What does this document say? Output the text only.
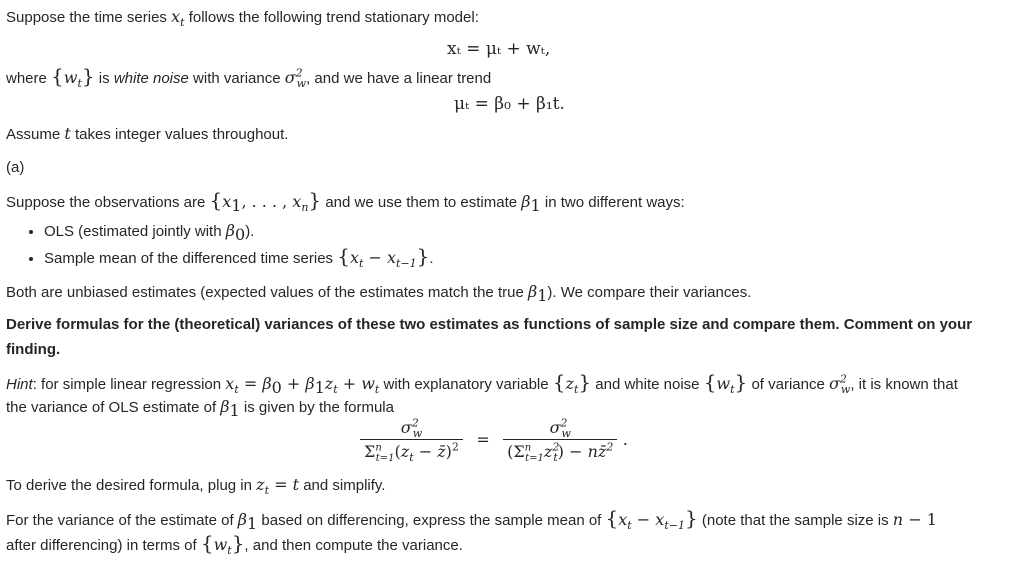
Suppose the time series $x_t$ follows the following trend stationary model:
xₜ = μₜ + wₜ,
where $\{w_t\}$ is white noise with variance $\sigma^2_w$, and we have a linear trend
μₜ = β₀ + β₁t.
Assume t takes integer values throughout.
(a)
Suppose the observations are {$x_1$, . . . , $x_n$} and we use them to estimate $\beta_1$ in two different ways:
• OLS (estimated jointly with $\beta_0$).
• Sample mean of the differenced time series $\{x_t - x_{t-1}\}$.
Both are unbiased estimates (expected values of the estimates match the true $\beta_1$). We compare their variances.
Derive formulas for the (theoretical) variances of these two estimates as functions of sample size and compare them. Comment on your
finding.
Hint: for simple linear regression $x_t = \beta_0 + \beta_1z_t + w_t$ with explanatory variable $\{z_t\}$ and white noise $\{w_t\}$ of variance $\sigma^2_w$, it is known that
the variance of OLS estimate of $\beta_1$ is given by the formula
$\frac{\sigma^2_w}{\Sigma^n_{t=1}(z_t - z̄)^2} = \frac{\sigma^2_w}{(\Sigma^n_{t=1}z^2_t) - nz̄^2}$ .
To derive the desired formula, plug in $z_t = t$ and simplify.
For the variance of the estimate of $\beta_1$ based on differencing, express the sample mean of $\{x_t - x_{t-1}\}$ (note that the sample size is n − 1
after differencing) in terms of $\{w_t\}$, and then compute the variance.
